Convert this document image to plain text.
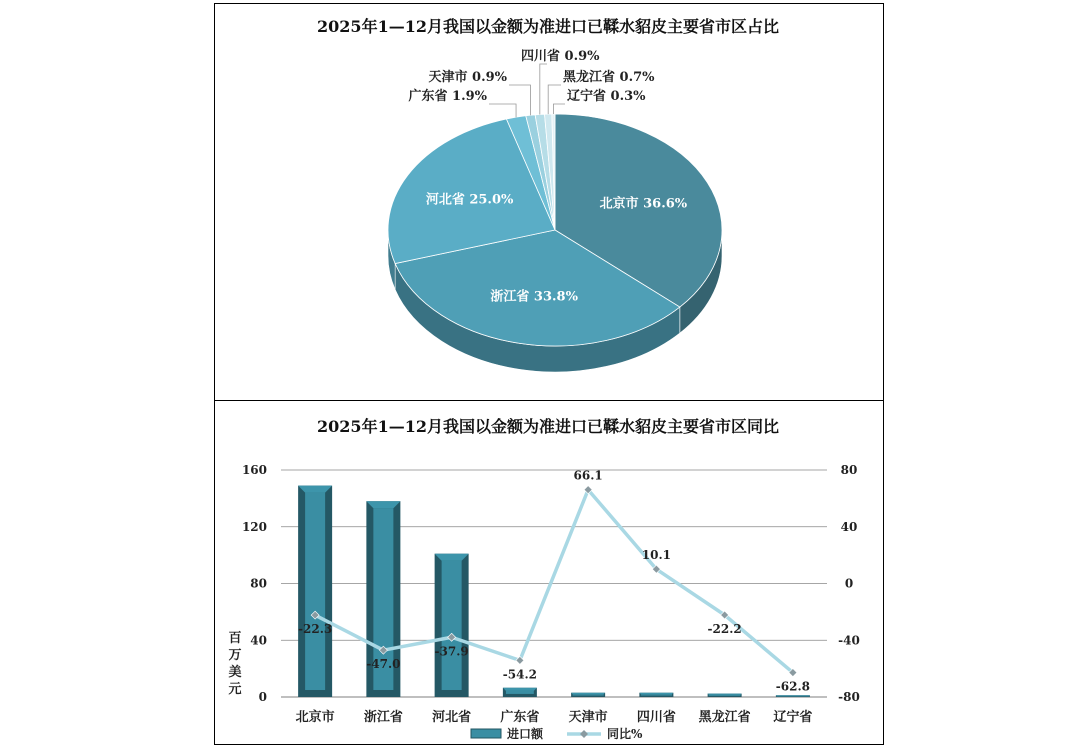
2025年1—12月我国以金额为准进口已鞣水貂皮主要省市区占比
北京市 36.6%
浙江省 33.8%
河北省 25.0%
广东省 1.9%
天津市 0.9%
四川省 0.9%
黑龙江省 0.7%
辽宁省 0.3%
2025年1—12月我国以金额为准进口已鞣水貂皮主要省市区同比
0
40
80
120
160
-80
-40
0
40
80
百
万
美
元
-22.3
-47.0
-37.9
-54.2
66.1
10.1
-22.2
-62.8
北京市 浙江省 河北省 广东省 天津市 四川省 黑龙江省 辽宁省
进口额	同比%
